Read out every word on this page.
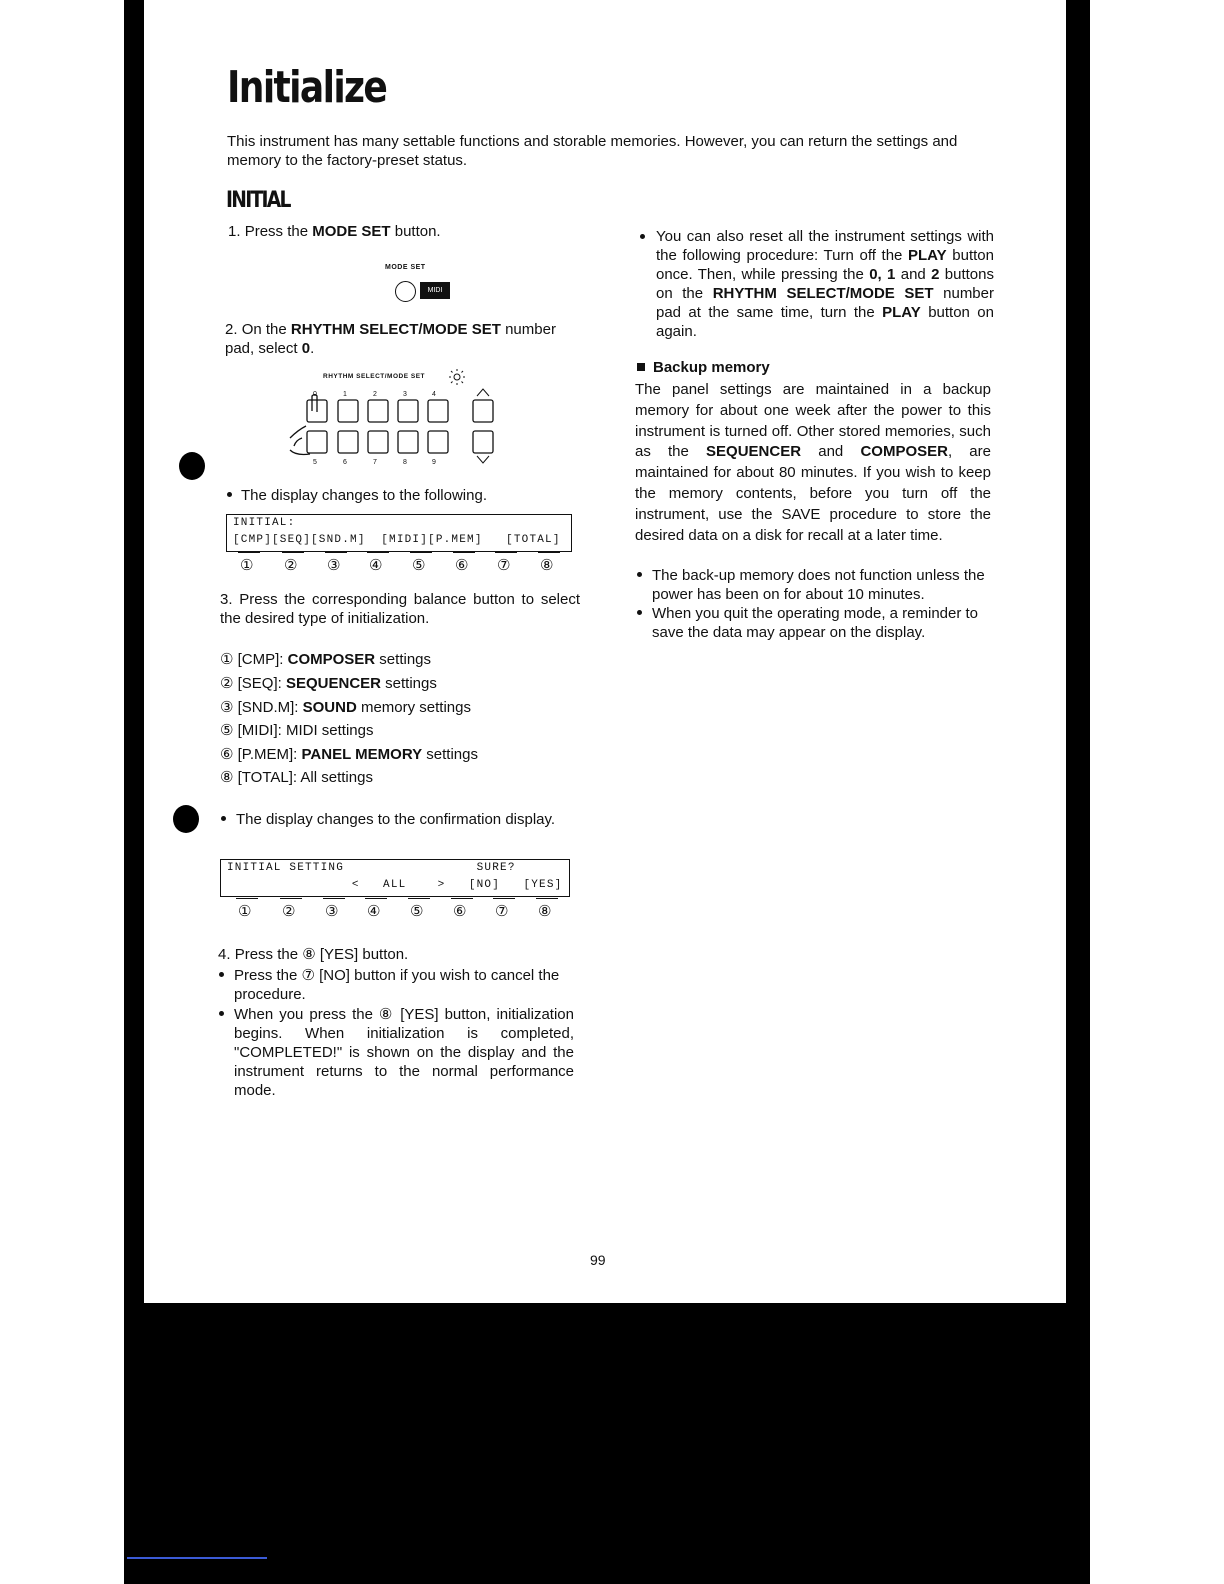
Initialize

This instrument has many settable functions and storable memories. However, you can return the settings and memory to the factory-preset status.

INITIAL

1. Press the MODE SET button.

MODE SET
MIDI

2. On the RHYTHM SELECT/MODE SET number pad, select 0.

RHYTHM SELECT/MODE SET
0	1	2	3	4
5	6	7	8	9

The display changes to the following.

INITIAL:
[CMP][SEQ][SND.M]  [MIDI][P.MEM]   [TOTAL]
① ② ③ ④ ⑤ ⑥ ⑦ ⑧

3. Press the corresponding balance button to select the desired type of initialization.

① [CMP]: COMPOSER settings

② [SEQ]: SEQUENCER settings

③ [SND.M]: SOUND memory settings

⑤ [MIDI]: MIDI settings

⑥ [P.MEM]: PANEL MEMORY settings

⑧ [TOTAL]: All settings

The display changes to the confirmation display.

INITIAL SETTING                 SURE?
<   ALL    >   [NO]   [YES]
① ② ③ ④ ⑤ ⑥ ⑦ ⑧

4. Press the ⑧ [YES] button.

Press the ⑦ [NO] button if you wish to cancel the procedure.

When you press the ⑧ [YES] button, initialization begins. When initialization is completed, "COMPLETED!" is shown on the display and the instrument returns to the normal performance mode.

You can also reset all the instrument settings with the following procedure: Turn off the PLAY button once. Then, while pressing the 0, 1 and 2 buttons on the RHYTHM SELECT/MODE SET number pad at the same time, turn the PLAY button on again.

Backup memory

The panel settings are maintained in a backup memory for about one week after the power to this instrument is turned off. Other stored memories, such as the SEQUENCER and COMPOSER, are maintained for about 80 minutes. If you wish to keep the memory contents, before you turn off the instrument, use the SAVE procedure to store the desired data on a disk for recall at a later time.

The back-up memory does not function unless the power has been on for about 10 minutes.

When you quit the operating mode, a reminder to save the data may appear on the display.

99
